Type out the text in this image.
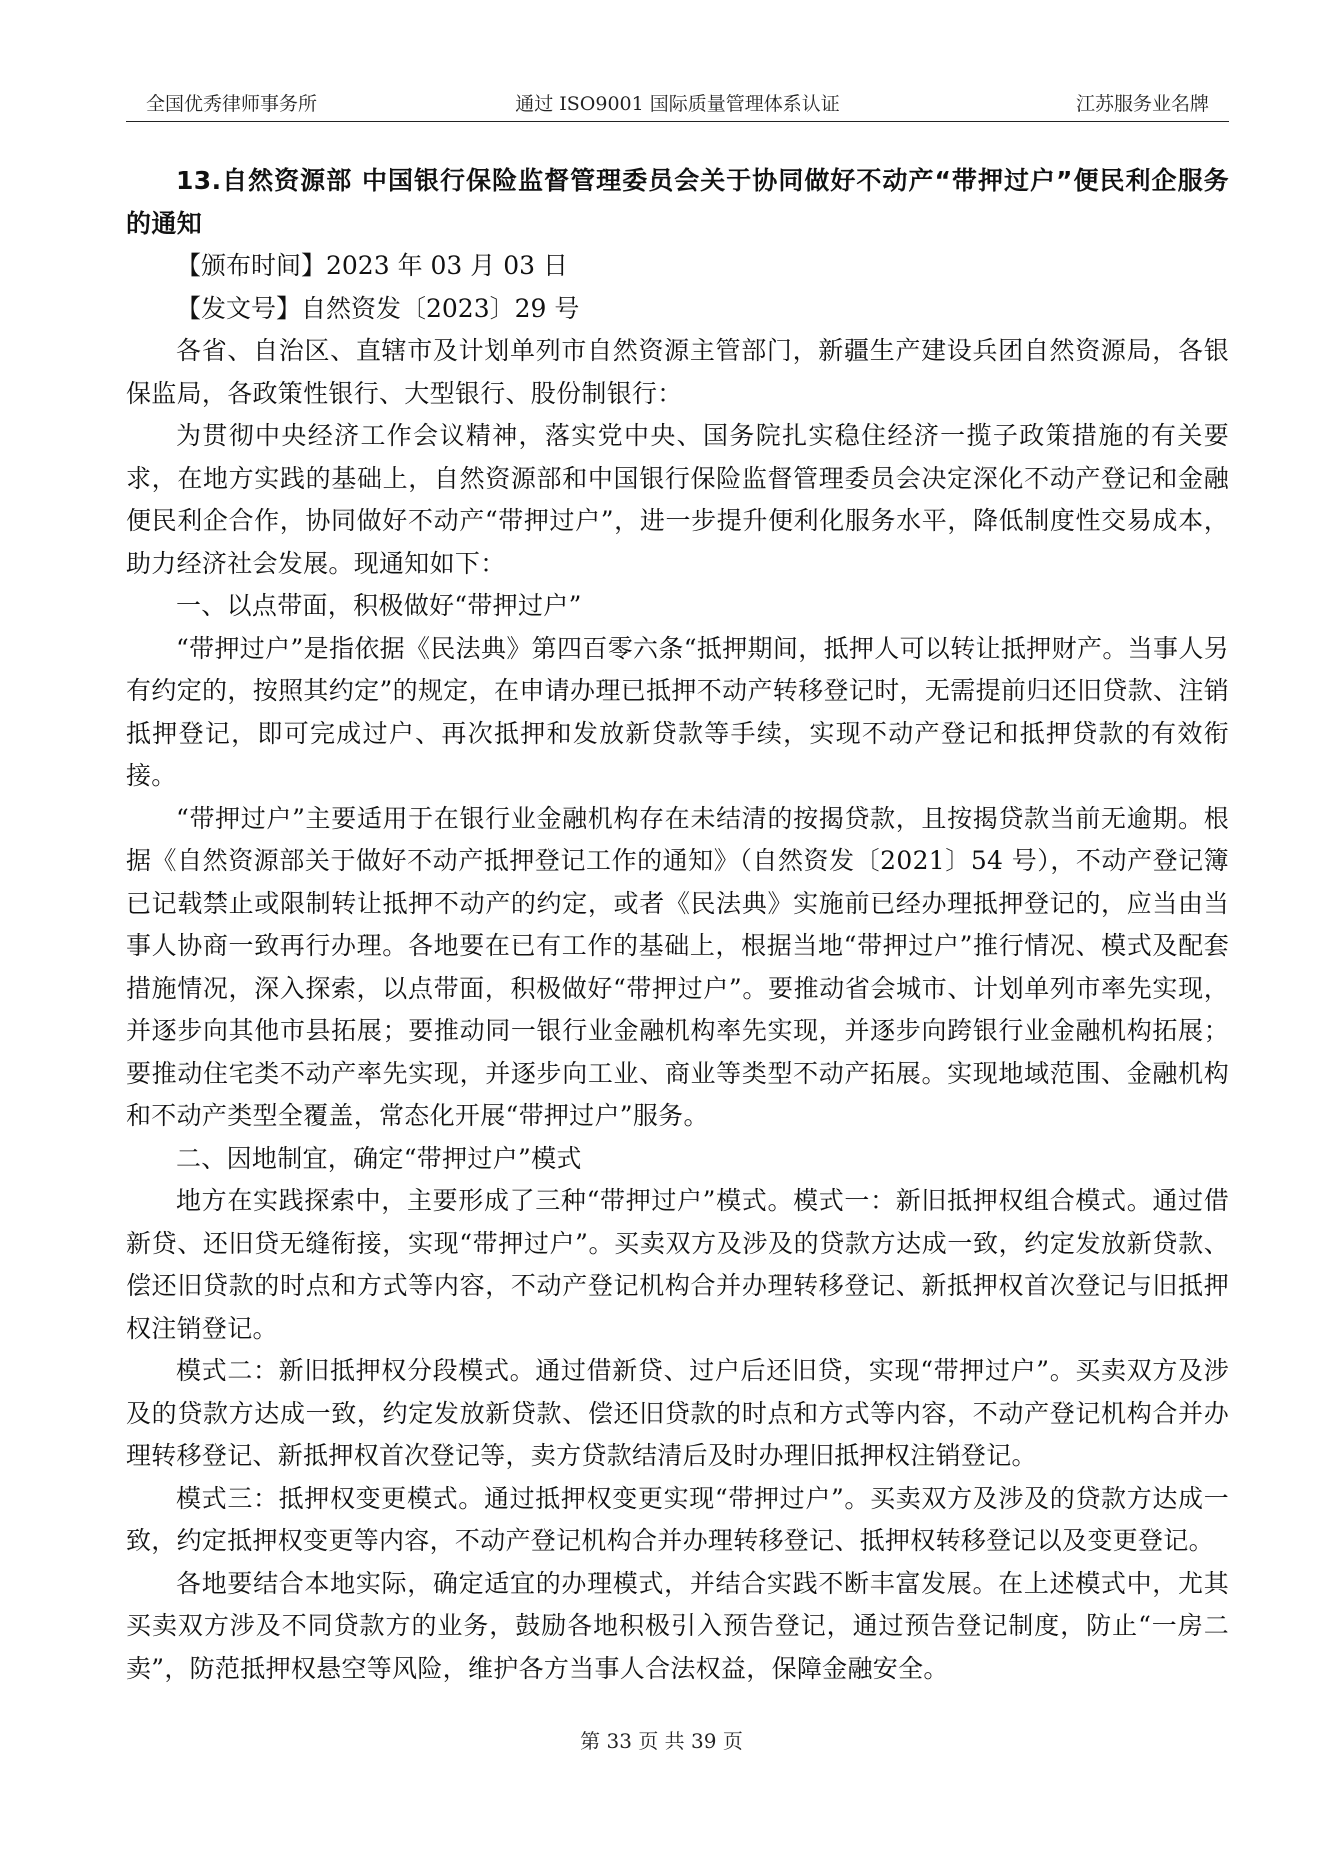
全国优秀律师事务所	通过 ISO9001 国际质量管理体系认证	江苏服务业名牌

13.自然资源部 中国银行保险监督管理委员会关于协同做好不动产“带押过户”便民利企服务的通知

【颁布时间】2023 年 03 月 03 日

【发文号】自然资发〔2023〕29 号

各省、自治区、直辖市及计划单列市自然资源主管部门，新疆生产建设兵团自然资源局，各银保监局，各政策性银行、大型银行、股份制银行：

为贯彻中央经济工作会议精神，落实党中央、国务院扎实稳住经济一揽子政策措施的有关要求，在地方实践的基础上，自然资源部和中国银行保险监督管理委员会决定深化不动产登记和金融便民利企合作，协同做好不动产“带押过户”，进一步提升便利化服务水平，降低制度性交易成本，助力经济社会发展。现通知如下：

一、以点带面，积极做好“带押过户”

“带押过户”是指依据《民法典》第四百零六条“抵押期间，抵押人可以转让抵押财产。当事人另有约定的，按照其约定”的规定，在申请办理已抵押不动产转移登记时，无需提前归还旧贷款、注销抵押登记，即可完成过户、再次抵押和发放新贷款等手续，实现不动产登记和抵押贷款的有效衔接。

“带押过户”主要适用于在银行业金融机构存在未结清的按揭贷款，且按揭贷款当前无逾期。根据《自然资源部关于做好不动产抵押登记工作的通知》（自然资发〔2021〕54 号），不动产登记簿已记载禁止或限制转让抵押不动产的约定，或者《民法典》实施前已经办理抵押登记的，应当由当事人协商一致再行办理。各地要在已有工作的基础上，根据当地“带押过户”推行情况、模式及配套措施情况，深入探索，以点带面，积极做好“带押过户”。要推动省会城市、计划单列市率先实现，并逐步向其他市县拓展；要推动同一银行业金融机构率先实现，并逐步向跨银行业金融机构拓展；要推动住宅类不动产率先实现，并逐步向工业、商业等类型不动产拓展。实现地域范围、金融机构和不动产类型全覆盖，常态化开展“带押过户”服务。

二、因地制宜，确定“带押过户”模式

地方在实践探索中，主要形成了三种“带押过户”模式。模式一：新旧抵押权组合模式。通过借新贷、还旧贷无缝衔接，实现“带押过户”。买卖双方及涉及的贷款方达成一致，约定发放新贷款、偿还旧贷款的时点和方式等内容，不动产登记机构合并办理转移登记、新抵押权首次登记与旧抵押权注销登记。

模式二：新旧抵押权分段模式。通过借新贷、过户后还旧贷，实现“带押过户”。买卖双方及涉及的贷款方达成一致，约定发放新贷款、偿还旧贷款的时点和方式等内容，不动产登记机构合并办理转移登记、新抵押权首次登记等，卖方贷款结清后及时办理旧抵押权注销登记。

模式三：抵押权变更模式。通过抵押权变更实现“带押过户”。买卖双方及涉及的贷款方达成一致，约定抵押权变更等内容，不动产登记机构合并办理转移登记、抵押权转移登记以及变更登记。

各地要结合本地实际，确定适宜的办理模式，并结合实践不断丰富发展。在上述模式中，尤其买卖双方涉及不同贷款方的业务，鼓励各地积极引入预告登记，通过预告登记制度，防止“一房二卖”，防范抵押权悬空等风险，维护各方当事人合法权益，保障金融安全。

第 33 页 共 39 页
